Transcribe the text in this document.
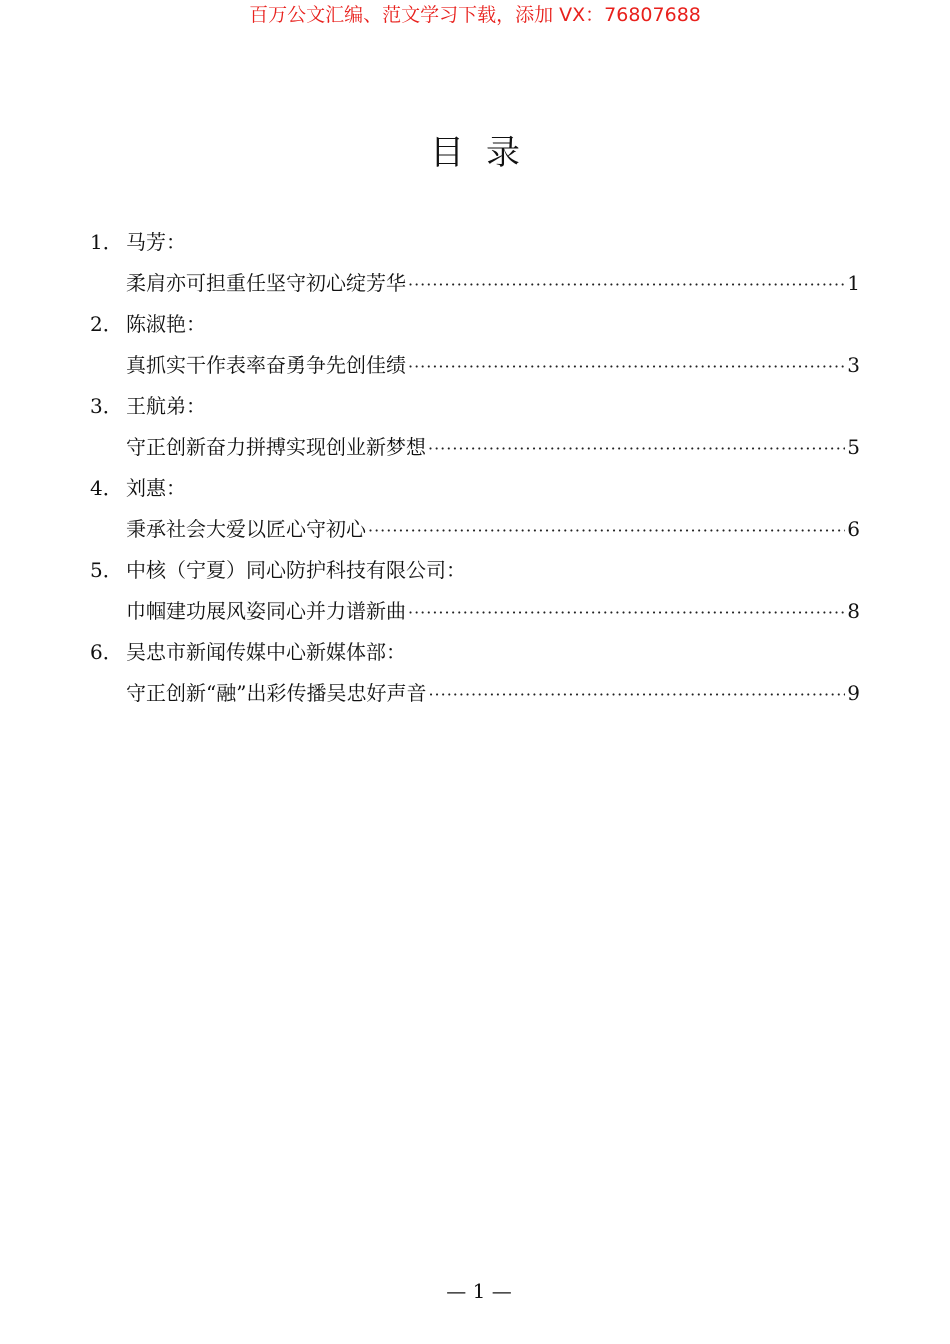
百万公文汇编、范文学习下载，添加 VX：76807688
目录
1． 马芳：
柔肩亦可担重任坚守初心绽芳华 ·····	1
2． 陈淑艳：
真抓实干作表率奋勇争先创佳绩 ·····	3
3． 王航弟：
守正创新奋力拼搏实现创业新梦想 ·····	5
4． 刘惠：
秉承社会大爱以匠心守初心 ·····	6
5． 中核（宁夏）同心防护科技有限公司：
巾帼建功展风姿同心并力谱新曲 ·····	8
6． 吴忠市新闻传媒中心新媒体部：
守正创新“融”出彩传播吴忠好声音 ·····	9
— 1 —
